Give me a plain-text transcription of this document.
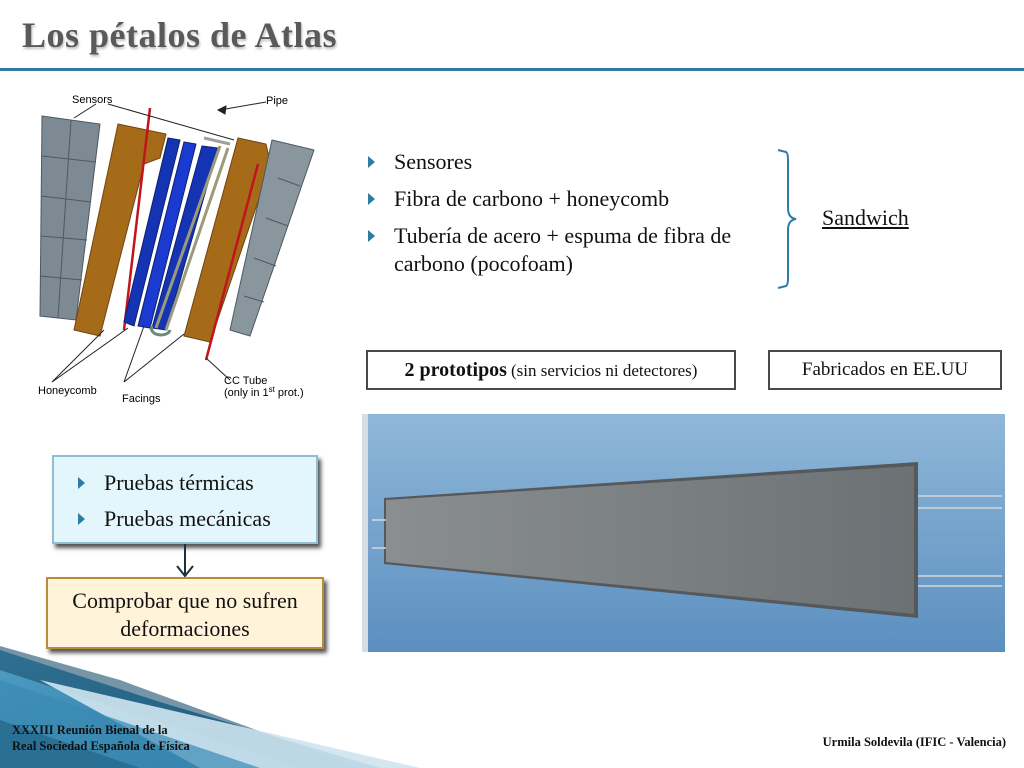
Los pétalos de Atlas
Sensors	Pipe
Honeycomb
Facings
CC Tube
(only in 1st prot.)
Sensores
Fibra de carbono + honeycomb
Tubería de acero + espuma de fibra de carbono (pocofoam)
Sandwich
2 prototipos (sin servicios ni detectores)	Fabricados en EE.UU
Pruebas térmicas
Pruebas mecánicas
Comprobar que no sufren deformaciones
XXXIII Reunión Bienal de la
Real Sociedad Española de Física	Urmila Soldevila (IFIC - Valencia)
